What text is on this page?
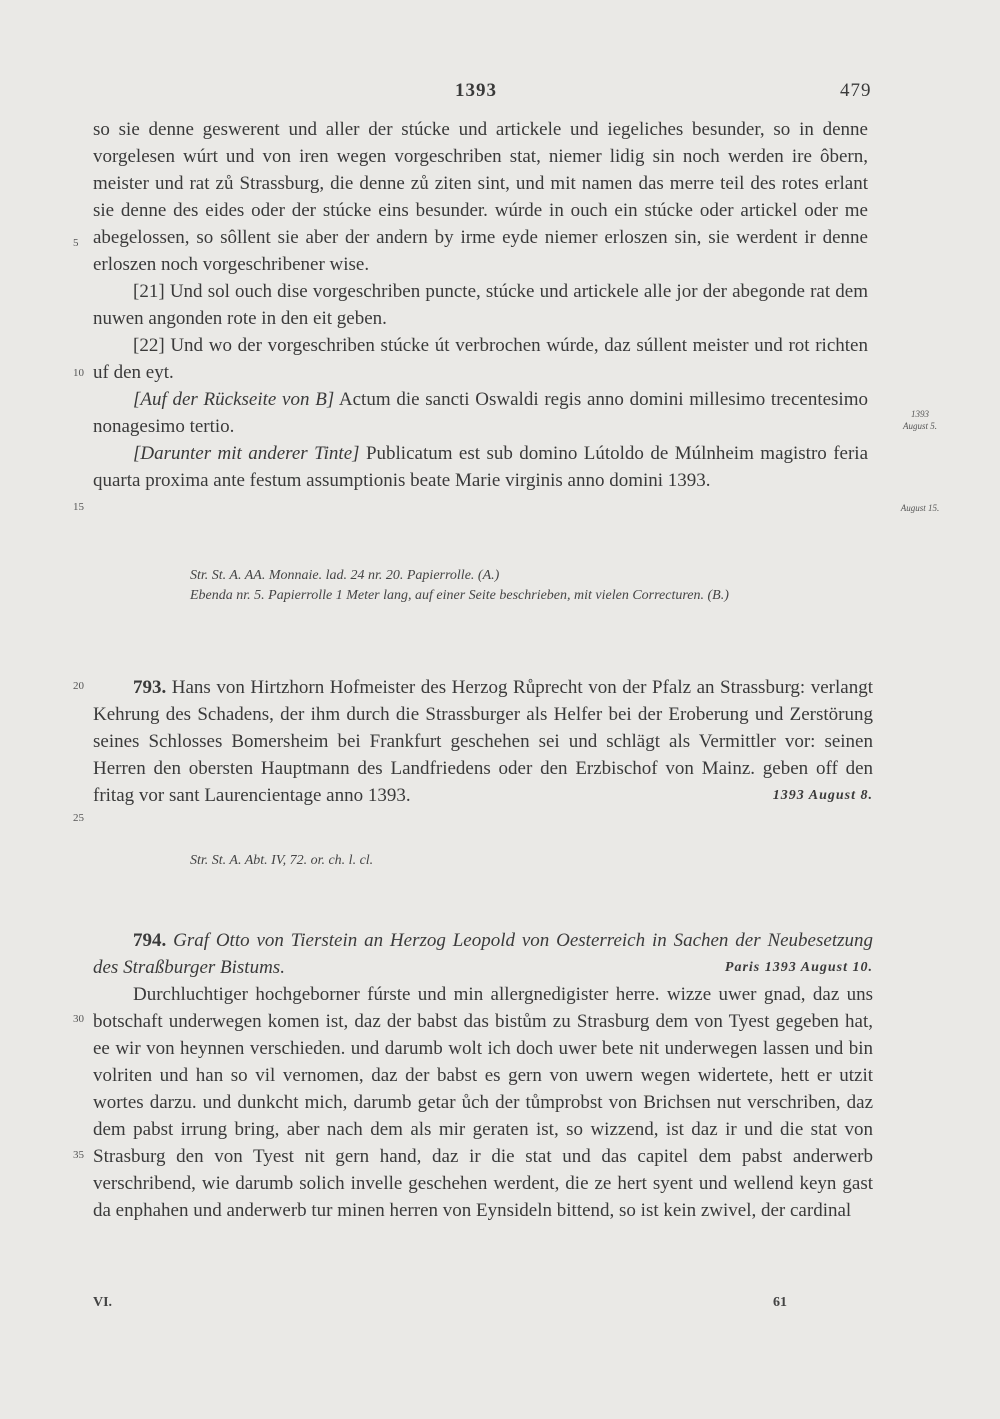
1393	479
5
10
15
20
25
30
35
1393
August 5.
August 15.

so sie denne geswerent und aller der stúcke und artickele und iegeliches besunder, so in denne vorgelesen wúrt und von iren wegen vorgeschriben stat, niemer lidig sin noch werden ire ôbern, meister und rat zů Strassburg, die denne zů ziten sint, und mit namen das merre teil des rotes erlant sie denne des eides oder der stúcke eins besunder. wúrde in ouch ein stúcke oder artickel oder me abegelossen, so sôllent sie aber der andern by irme eyde niemer erloszen sin, sie werdent ir denne erloszen noch vorgeschribener wise.

[21] Und sol ouch dise vorgeschriben puncte, stúcke und artickele alle jor der abegonde rat dem nuwen angonden rote in den eit geben.

[22] Und wo der vorgeschriben stúcke út verbrochen wúrde, daz súllent meister und rot richten uf den eyt.

[Auf der Rückseite von B] Actum die sancti Oswaldi regis anno domini millesimo trecentesimo nonagesimo tertio.

[Darunter mit anderer Tinte] Publicatum est sub domino Lútoldo de Múlnheim magistro feria quarta proxima ante festum assumptionis beate Marie virginis anno domini 1393.

Str. St. A. AA. Monnaie. lad. 24 nr. 20. Papierrolle. (A.)
Ebenda nr. 5. Papierrolle 1 Meter lang, auf einer Seite beschrieben, mit vielen Correcturen. (B.)

793. Hans von Hirtzhorn Hofmeister des Herzog Růprecht von der Pfalz an Strassburg: verlangt Kehrung des Schadens, der ihm durch die Strassburger als Helfer bei der Eroberung und Zerstörung seines Schlosses Bomersheim bei Frankfurt geschehen sei und schlägt als Vermittler vor: seinen Herren den obersten Hauptmann des Landfriedens oder den Erzbischof von Mainz. geben off den fritag vor sant Laurencientage anno 1393.	1393 August 8.

Str. St. A. Abt. IV, 72. or. ch. l. cl.

794. Graf Otto von Tierstein an Herzog Leopold von Oesterreich in Sachen der Neubesetzung des Straßburger Bistums.	Paris 1393 August 10.

Durchluchtiger hochgeborner fúrste und min allergnedigister herre. wizze uwer gnad, daz uns botschaft underwegen komen ist, daz der babst das bistům zu Strasburg dem von Tyest gegeben hat, ee wir von heynnen verschieden. und darumb wolt ich doch uwer bete nit underwegen lassen und bin volriten und han so vil vernomen, daz der babst es gern von uwern wegen widertete, hett er utzit wortes darzu. und dunkcht mich, darumb getar ůch der tůmprobst von Brichsen nut verschriben, daz dem pabst irrung bring, aber nach dem als mir geraten ist, so wizzend, ist daz ir und die stat von Strasburg den von Tyest nit gern hand, daz ir die stat und das capitel dem pabst anderwerb verschribend, wie darumb solich invelle geschehen werdent, die ze hert syent und wellend keyn gast da enphahen und anderwerb tur minen herren von Eynsideln bittend, so ist kein zwivel, der cardinal

VI.	61
